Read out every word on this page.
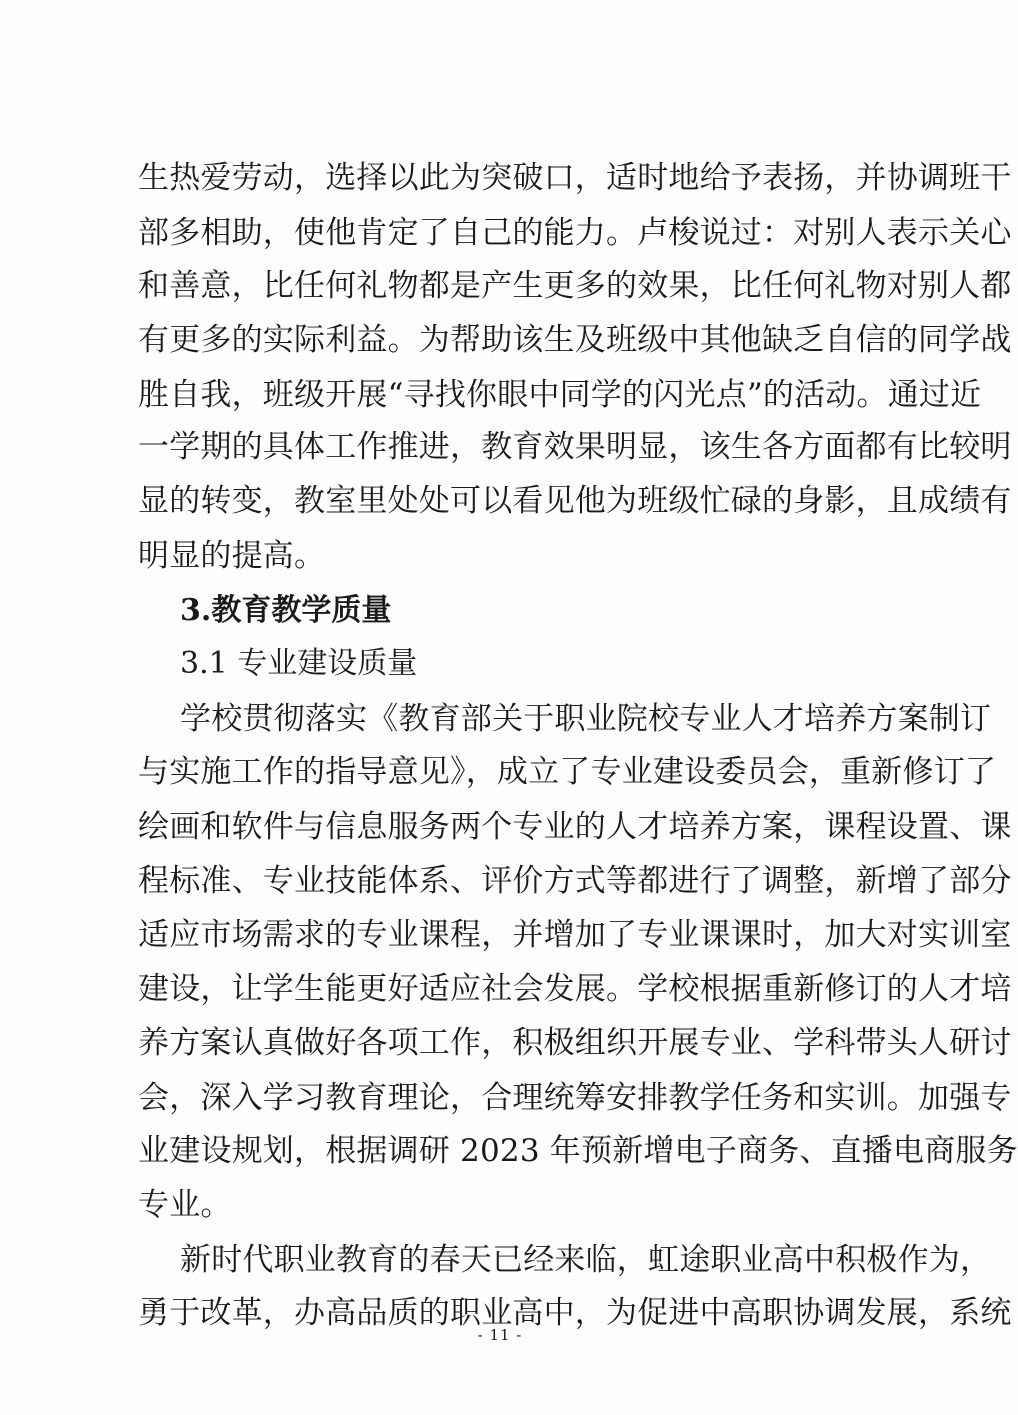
生热爱劳动，选择以此为突破口，适时地给予表扬，并协调班干
部多相助，使他肯定了自己的能力。卢梭说过：对别人表示关心
和善意，比任何礼物都是产生更多的效果，比任何礼物对别人都
有更多的实际利益。为帮助该生及班级中其他缺乏自信的同学战
胜自我，班级开展“寻找你眼中同学的闪光点”的活动。通过近
一学期的具体工作推进，教育效果明显，该生各方面都有比较明
显的转变，教室里处处可以看见他为班级忙碌的身影，且成绩有
明显的提高。
3.教育教学质量
3.1 专业建设质量
学校贯彻落实《教育部关于职业院校专业人才培养方案制订
与实施工作的指导意见》，成立了专业建设委员会，重新修订了
绘画和软件与信息服务两个专业的人才培养方案，课程设置、课
程标准、专业技能体系、评价方式等都进行了调整，新增了部分
适应市场需求的专业课程，并增加了专业课课时，加大对实训室
建设，让学生能更好适应社会发展。学校根据重新修订的人才培
养方案认真做好各项工作，积极组织开展专业、学科带头人研讨
会，深入学习教育理论，合理统筹安排教学任务和实训。加强专
业建设规划，根据调研 2023 年预新增电子商务、直播电商服务
专业。
新时代职业教育的春天已经来临，虹途职业高中积极作为，
勇于改革，办高品质的职业高中，为促进中高职协调发展，系统
- 11 -
